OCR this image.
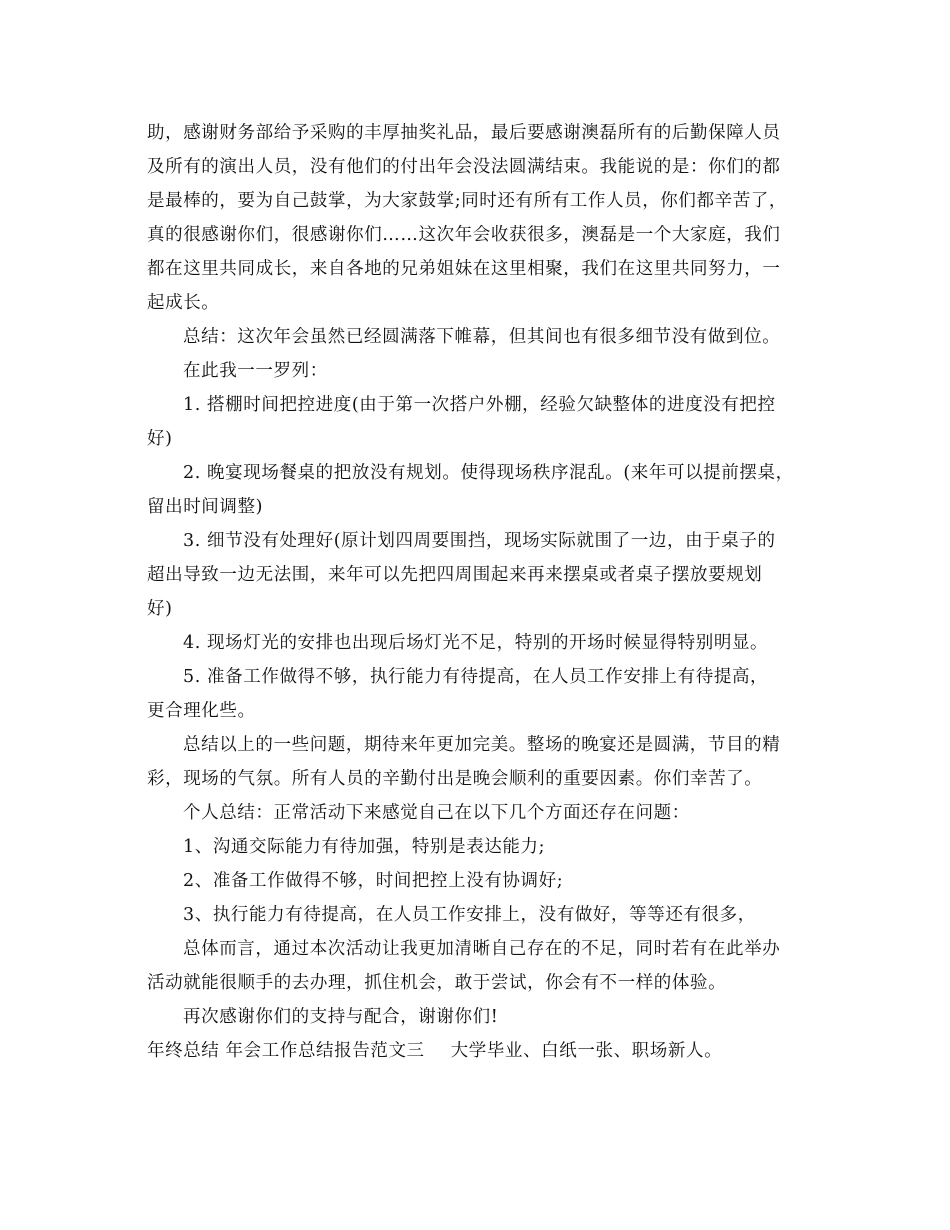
助，感谢财务部给予采购的丰厚抽奖礼品，最后要感谢澳磊所有的后勤保障人员
及所有的演出人员，没有他们的付出年会没法圆满结束。我能说的是：你们的都
是最棒的，要为自己鼓掌，为大家鼓掌;同时还有所有工作人员，你们都辛苦了，
真的很感谢你们，很感谢你们……这次年会收获很多，澳磊是一个大家庭，我们
都在这里共同成长，来自各地的兄弟姐妹在这里相聚，我们在这里共同努力，一
起成长。
总结：这次年会虽然已经圆满落下帷幕，但其间也有很多细节没有做到位。
在此我一一罗列：
1. 搭棚时间把控进度(由于第一次搭户外棚，经验欠缺整体的进度没有把控
好)
2. 晚宴现场餐桌的把放没有规划。使得现场秩序混乱。(来年可以提前摆桌，
留出时间调整)
3. 细节没有处理好(原计划四周要围挡，现场实际就围了一边，由于桌子的
超出导致一边无法围，来年可以先把四周围起来再来摆桌或者桌子摆放要规划
好)
4. 现场灯光的安排也出现后场灯光不足，特别的开场时候显得特别明显。
5. 准备工作做得不够，执行能力有待提高，在人员工作安排上有待提高，
更合理化些。
总结以上的一些问题，期待来年更加完美。整场的晚宴还是圆满，节目的精
彩，现场的气氛。所有人员的辛勤付出是晚会顺利的重要因素。你们幸苦了。
个人总结：正常活动下来感觉自己在以下几个方面还存在问题：
1、沟通交际能力有待加强，特别是表达能力;
2、准备工作做得不够，时间把控上没有协调好;
3、执行能力有待提高，在人员工作安排上，没有做好，等等还有很多，
总体而言，通过本次活动让我更加清晰自己存在的不足，同时若有在此举办
活动就能很顺手的去办理，抓住机会，敢于尝试，你会有不一样的体验。
再次感谢你们的支持与配合，谢谢你们!
年终总结 年会工作总结报告范文三 大学毕业、白纸一张、职场新人。
